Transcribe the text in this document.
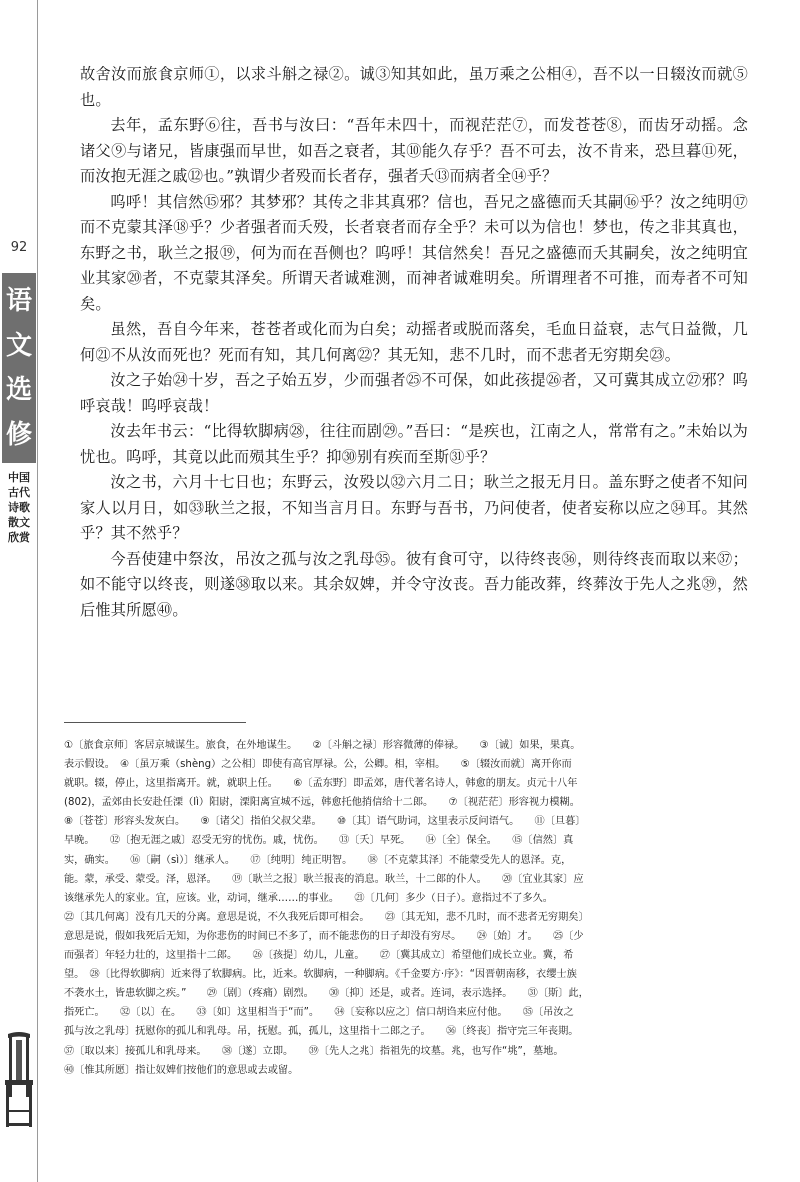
92
语
文
选
修
中国古代诗歌散文欣赏

故舍汝而旅食京师①，以求斗斛之禄②。诚③知其如此，虽万乘之公相④，吾不以一日辍汝而就⑤也。

去年，孟东野⑥往，吾书与汝曰：“吾年未四十，而视茫茫⑦，而发苍苍⑧，而齿牙动摇。念诸父⑨与诸兄，皆康强而早世，如吾之衰者，其⑩能久存乎？吾不可去，汝不肯来，恐旦暮⑪死，而汝抱无涯之戚⑫也。”孰谓少者殁而长者存，强者夭⑬而病者全⑭乎？

呜呼！其信然⑮邪？其梦邪？其传之非其真邪？信也，吾兄之盛德而夭其嗣⑯乎？汝之纯明⑰而不克蒙其泽⑱乎？少者强者而夭殁，长者衰者而存全乎？未可以为信也！梦也，传之非其真也，东野之书，耿兰之报⑲，何为而在吾侧也？呜呼！其信然矣！吾兄之盛德而夭其嗣矣，汝之纯明宜业其家⑳者，不克蒙其泽矣。所谓天者诚难测，而神者诚难明矣。所谓理者不可推，而寿者不可知矣。

虽然，吾自今年来，苍苍者或化而为白矣；动摇者或脱而落矣，毛血日益衰，志气日益微，几何㉑不从汝而死也？死而有知，其几何离㉒？其无知，悲不几时，而不悲者无穷期矣㉓。

汝之子始㉔十岁，吾之子始五岁，少而强者㉕不可保，如此孩提㉖者，又可冀其成立㉗邪？呜呼哀哉！呜呼哀哉！

汝去年书云：“比得软脚病㉘，往往而剧㉙。”吾曰：“是疾也，江南之人，常常有之。”未始以为忧也。呜呼，其竟以此而殒其生乎？抑㉚别有疾而至斯㉛乎？

汝之书，六月十七日也；东野云，汝殁以㉜六月二日；耿兰之报无月日。盖东野之使者不知问家人以月日，如㉝耿兰之报，不知当言月日。东野与吾书，乃问使者，使者妄称以应之㉞耳。其然乎？其不然乎？

今吾使建中祭汝，吊汝之孤与汝之乳母㉟。彼有食可守，以待终丧㊱，则待终丧而取以来㊲；如不能守以终丧，则遂㊳取以来。其余奴婢，并令守汝丧。吾力能改葬，终葬汝于先人之兆㊴，然后惟其所愿㊵。

①〔旅食京师〕客居京城谋生。旅食，在外地谋生。　　②〔斗斛之禄〕形容微薄的俸禄。　　③〔诚〕如果，果真。

表示假设。　④〔虽万乘（shèng）之公相〕即使有高官厚禄。公，公卿。相，宰相。　　⑤〔辍汝而就〕离开你而

就职。辍，停止，这里指离开。就，就职上任。　　⑥〔孟东野〕即孟郊，唐代著名诗人，韩愈的朋友。贞元十八年

(802)，孟郊由长安赴任溧（lì）阳尉，溧阳离宣城不远，韩愈托他捎信给十二郎。　　⑦〔视茫茫〕形容视力模糊。

⑧〔苍苍〕形容头发灰白。　　⑨〔诸父〕指伯父叔父辈。　　⑩〔其〕语气助词，这里表示反问语气。　　⑪〔旦暮〕

早晚。　　⑫〔抱无涯之戚〕忍受无穷的忧伤。戚，忧伤。　　⑬〔夭〕早死。　　⑭〔全〕保全。　　⑮〔信然〕真

实，确实。　　⑯〔嗣（sì）〕继承人。　　⑰〔纯明〕纯正明智。　　⑱〔不克蒙其泽〕不能蒙受先人的恩泽。克，

能。蒙，承受、蒙受。泽，恩泽。　　⑲〔耿兰之报〕耿兰报丧的消息。耿兰，十二郎的仆人。　　⑳〔宜业其家〕应

该继承先人的家业。宜，应该。业，动词，继承……的事业。　　㉑〔几何〕多少（日子）。意指过不了多久。

㉒〔其几何离〕没有几天的分离。意思是说，不久我死后即可相会。　　㉓〔其无知，悲不几时，而不悲者无穷期矣〕

意思是说，假如我死后无知，为你悲伤的时间已不多了，而不能悲伤的日子却没有穷尽。　　㉔〔始〕才。　　㉕〔少

而强者〕年轻力壮的，这里指十二郎。　　㉖〔孩提〕幼儿，儿童。　　㉗〔冀其成立〕希望他们成长立业。冀，希

望。　㉘〔比得软脚病〕近来得了软脚病。比，近来。软脚病，一种脚病。《千金要方·序》：“因晋朝南移，衣缨士族

不袭水土，皆患软脚之疾。”　　㉙〔剧〕（疼痛）剧烈。　　㉚〔抑〕还是，或者。连词，表示选择。　　㉛〔斯〕此，

指死亡。　　㉜〔以〕在。　　㉝〔如〕这里相当于“而”。　　㉞〔妄称以应之〕信口胡诌来应付他。　　㉟〔吊汝之

孤与汝之乳母〕抚慰你的孤儿和乳母。吊，抚慰。孤，孤儿，这里指十二郎之子。　　㊱〔终丧〕指守完三年丧期。

㊲〔取以来〕接孤儿和乳母来。　　㊳〔遂〕立即。　　㊴〔先人之兆〕指祖先的坟墓。兆，也写作“垗”，墓地。

㊵〔惟其所愿〕指让奴婢们按他们的意思或去或留。
